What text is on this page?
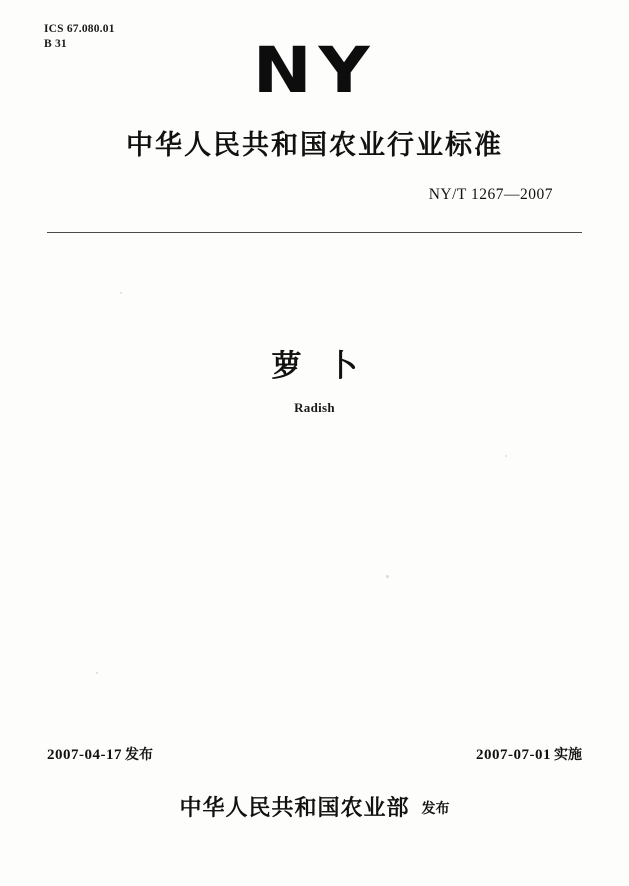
ICS 67.080.01
B 31	NY
中华人民共和国农业行业标准
NY/T 1267—2007
萝 卜
Radish
2007-04-17 发布	2007-07-01 实施
中华人民共和国农业部 发布
